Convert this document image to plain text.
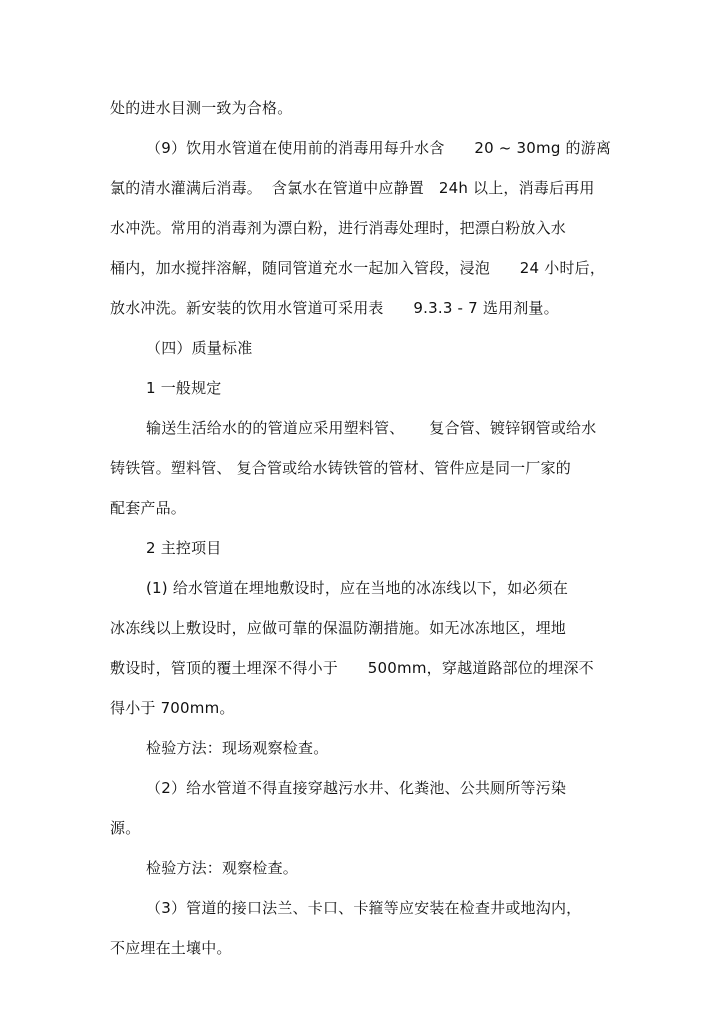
处的进水目测一致为合格。
（9）饮用水管道在使用前的消毒用每升水含      20 ~ 30mg 的游离
氯的清水灌满后消毒。  含氯水在管道中应静置   24h 以上，消毒后再用
水冲洗。常用的消毒剂为漂白粉，进行消毒处理时，把漂白粉放入水
桶内，加水搅拌溶解，随同管道充水一起加入管段，浸泡      24 小时后，
放水冲洗。新安装的饮用水管道可采用表      9.3.3 - 7 选用剂量。
（四）质量标准
1 一般规定
输送生活给水的的管道应采用塑料管、     复合管、镀锌钢管或给水
铸铁管。塑料管、 复合管或给水铸铁管的管材、管件应是同一厂家的
配套产品。
2 主控项目
(1) 给水管道在埋地敷设时，应在当地的冰冻线以下，如必须在
冰冻线以上敷设时，应做可靠的保温防潮措施。如无冰冻地区，埋地
敷设时，管顶的覆土埋深不得小于      500mm，穿越道路部位的埋深不
得小于 700mm。
检验方法：现场观察检查。
（2）给水管道不得直接穿越污水井、化粪池、公共厕所等污染
源。
检验方法：观察检查。
（3）管道的接口法兰、卡口、卡箍等应安装在检查井或地沟内，
不应埋在土壤中。
